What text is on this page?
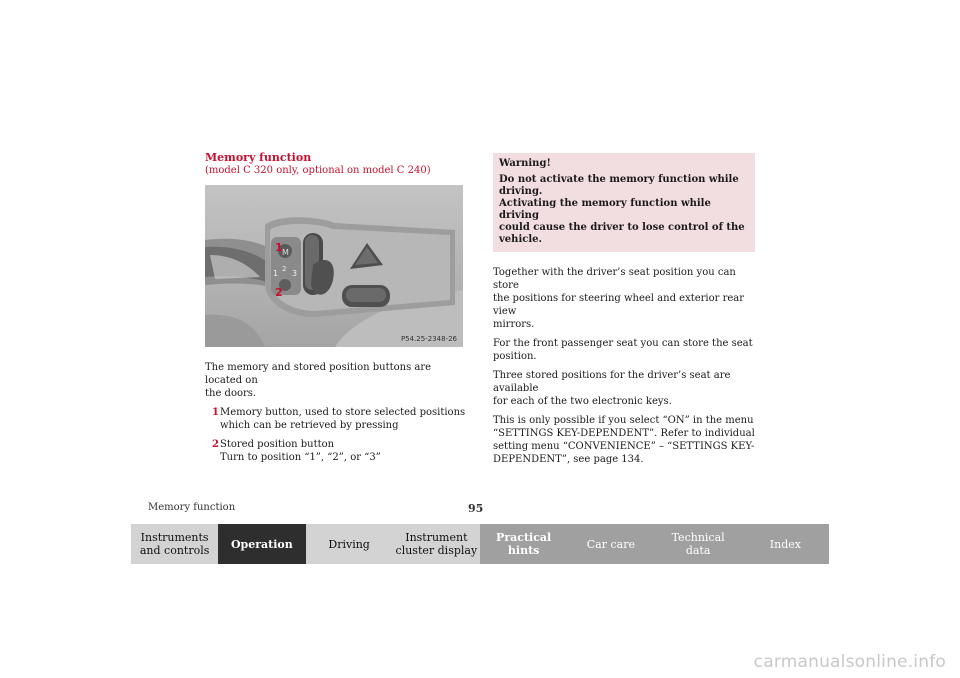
Memory function
(model C 320 only, optional on model C 240)
M
1 2 3
1
2
P54.25-2348-26
The memory and stored position buttons are located on
the doors.
1 Memory button, used to store selected positions
which can be retrieved by pressing
2 Stored position button
Turn to position “1”, “2”, or “3”
Warning!
Do not activate the memory function while driving.
Activating the memory function while driving
could cause the driver to lose control of the vehicle.
Together with the driver’s seat position you can store
the positions for steering wheel and exterior rear view
mirrors.
For the front passenger seat you can store the seat
position.
Three stored positions for the driver’s seat are available
for each of the two electronic keys.
This is only possible if you select “ON” in the menu
“SETTINGS KEY-DEPENDENT”. Refer to individual
setting menu “CONVENIENCE” – “SETTINGS KEY-
DEPENDENT”, see page 134.
Memory function	95
Instruments
and controls Operation	Driving	Instrument
cluster display
Practical hints	Car care	Technical
data	Index
carmanualsonline.info
